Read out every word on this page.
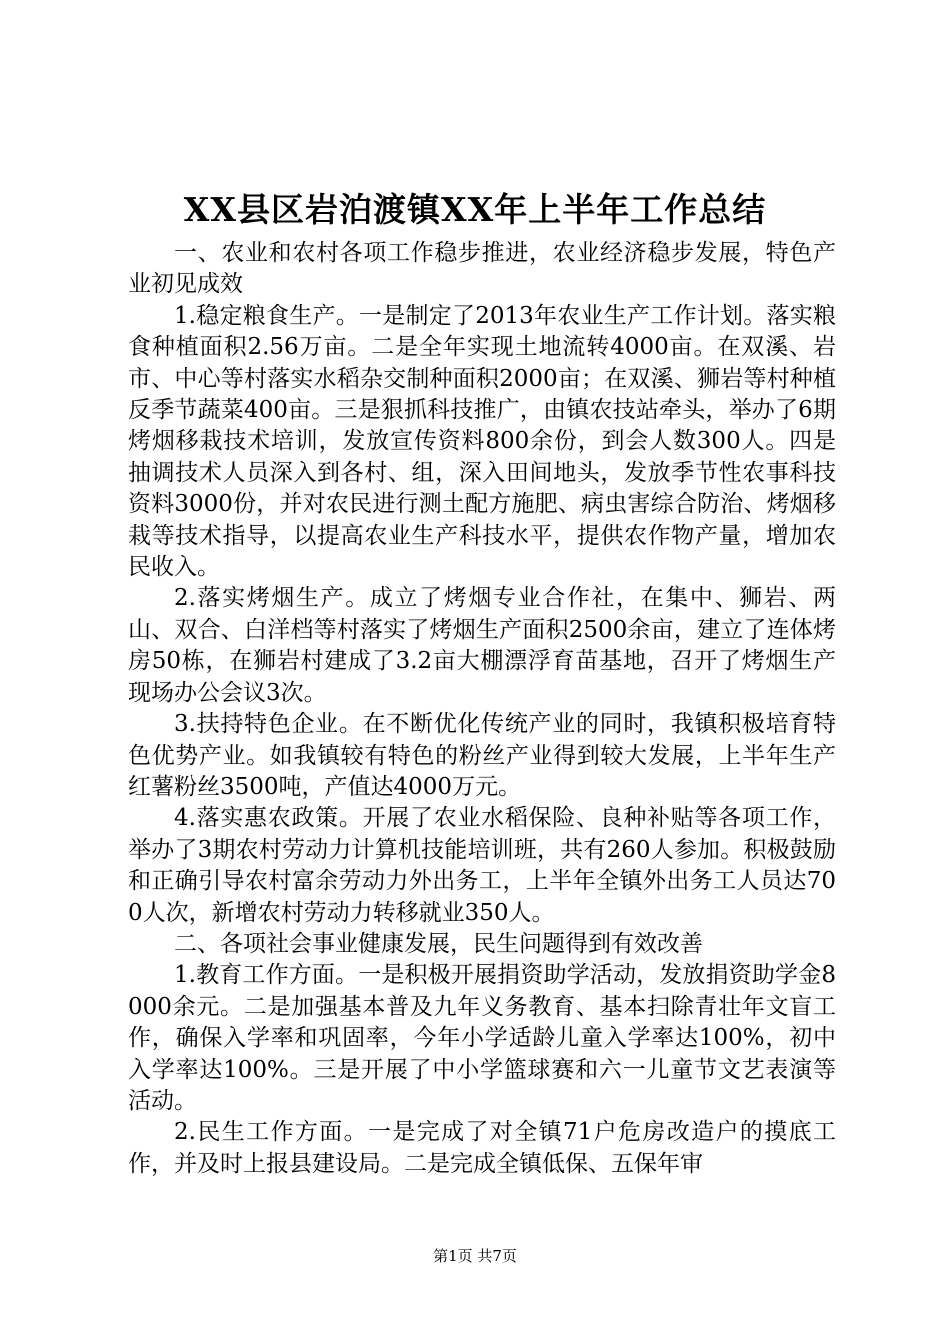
XX县区岩泊渡镇XX年上半年工作总结

一、农业和农村各项工作稳步推进，农业经济稳步发展，特色产业初见成效

1.稳定粮食生产。一是制定了2013年农业生产工作计划。落实粮食种植面积2.56万亩。二是全年实现土地流转4000亩。在双溪、岩市、中心等村落实水稻杂交制种面积2000亩；在双溪、狮岩等村种植反季节蔬菜400亩。三是狠抓科技推广，由镇农技站牵头，举办了6期烤烟移栽技术培训，发放宣传资料800余份，到会人数300人。四是抽调技术人员深入到各村、组，深入田间地头，发放季节性农事科技资料3000份，并对农民进行测土配方施肥、病虫害综合防治、烤烟移栽等技术指导，以提高农业生产科技水平，提供农作物产量，增加农民收入。

2.落实烤烟生产。成立了烤烟专业合作社，在集中、狮岩、两山、双合、白洋档等村落实了烤烟生产面积2500余亩，建立了连体烤房50栋，在狮岩村建成了3.2亩大棚漂浮育苗基地，召开了烤烟生产现场办公会议3次。

3.扶持特色企业。在不断优化传统产业的同时，我镇积极培育特色优势产业。如我镇较有特色的粉丝产业得到较大发展，上半年生产红薯粉丝3500吨，产值达4000万元。

4.落实惠农政策。开展了农业水稻保险、良种补贴等各项工作，举办了3期农村劳动力计算机技能培训班，共有260人参加。积极鼓励和正确引导农村富余劳动力外出务工，上半年全镇外出务工人员达700人次，新增农村劳动力转移就业350人。

二、各项社会事业健康发展，民生问题得到有效改善

1.教育工作方面。一是积极开展捐资助学活动，发放捐资助学金8000余元。二是加强基本普及九年义务教育、基本扫除青壮年文盲工作，确保入学率和巩固率，今年小学适龄儿童入学率达100%，初中入学率达100%。三是开展了中小学篮球赛和六一儿童节文艺表演等活动。

2.民生工作方面。一是完成了对全镇71户危房改造户的摸底工作，并及时上报县建设局。二是完成全镇低保、五保年审

第1页 共7页
